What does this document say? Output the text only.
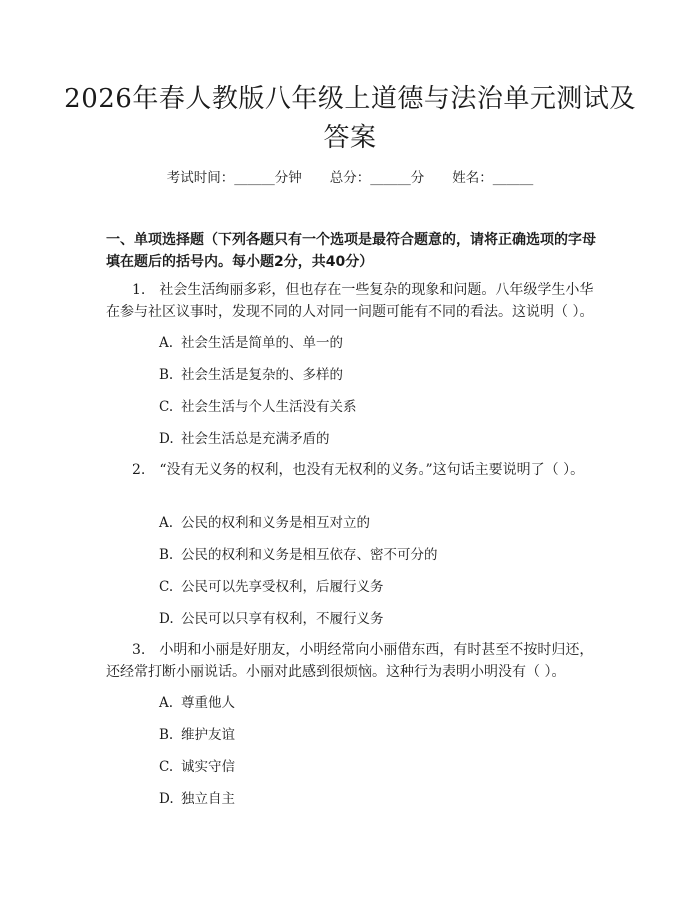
2026年春人教版八年级上道德与法治单元测试及答案
考试时间：______分钟 总分：______分 姓名：______

一、单项选择题（下列各题只有一个选项是最符合题意的，请将正确选项的字母填在题后的括号内。每小题2分，共40分）

1.　社会生活绚丽多彩，但也存在一些复杂的现象和问题。八年级学生小华在参与社区议事时，发现不同的人对同一问题可能有不同的看法。这说明（ ）。

A. 社会生活是简单的、单一的

B. 社会生活是复杂的、多样的

C. 社会生活与个人生活没有关系

D. 社会生活总是充满矛盾的

2.　“没有无义务的权利，也没有无权利的义务。”这句话主要说明了（ ）。

A. 公民的权利和义务是相互对立的

B. 公民的权利和义务是相互依存、密不可分的

C. 公民可以先享受权利，后履行义务

D. 公民可以只享有权利，不履行义务

3.　小明和小丽是好朋友，小明经常向小丽借东西，有时甚至不按时归还，还经常打断小丽说话。小丽对此感到很烦恼。这种行为表明小明没有（ ）。

A. 尊重他人

B. 维护友谊

C. 诚实守信

D. 独立自主
